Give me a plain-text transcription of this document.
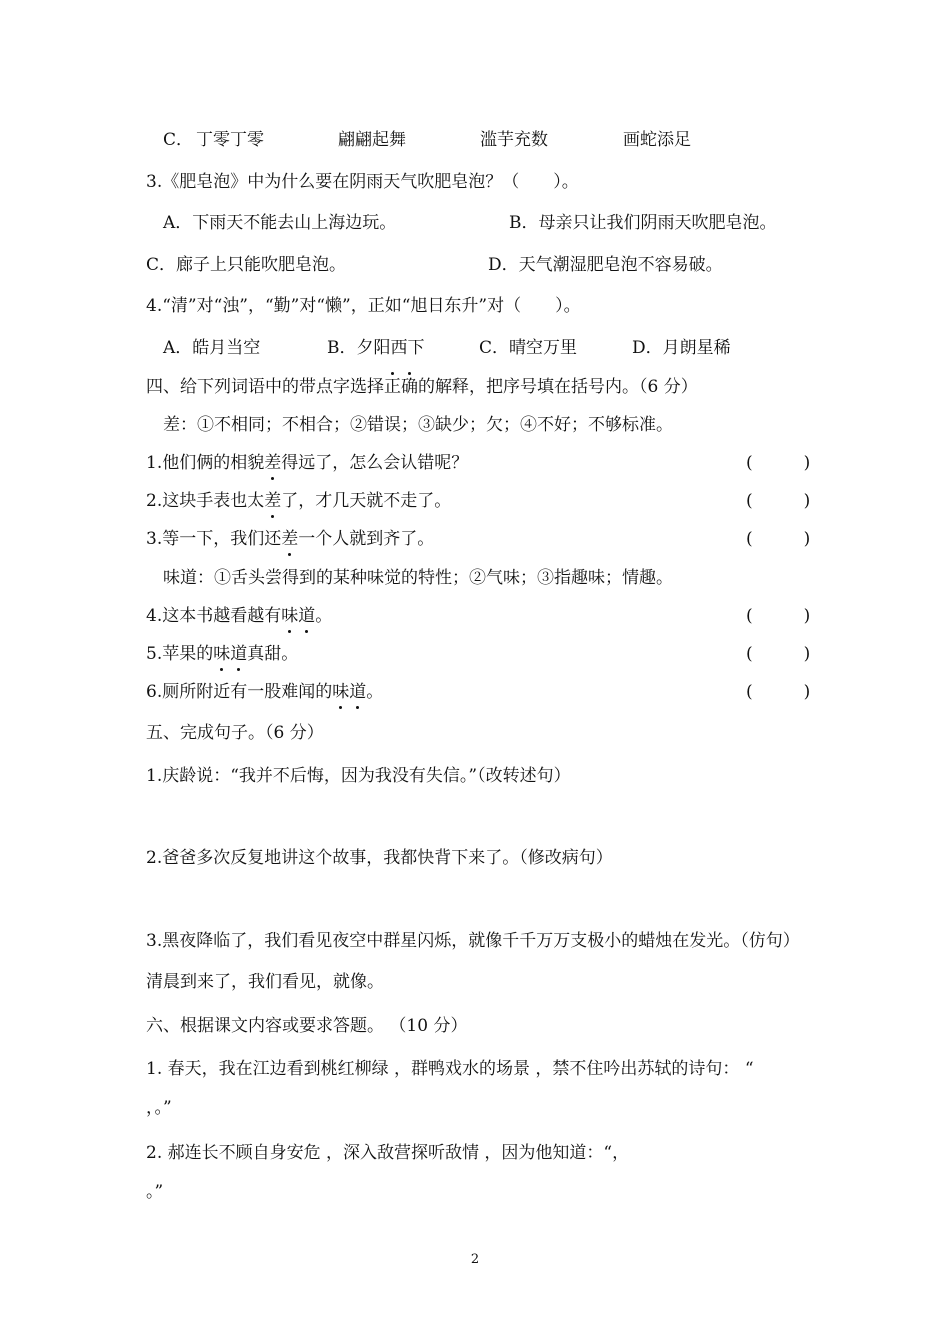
C． 丁零丁零	翩翩起舞	滥芋充数	画蛇添足
3.《肥皂泡》中为什么要在阴雨天气吹肥皂泡？（　　）。
A．下雨天不能去山上海边玩。	B．母亲只让我们阴雨天吹肥皂泡。
C．廊子上只能吹肥皂泡。	D．天气潮湿肥皂泡不容易破。
4.“清”对“浊”，“勤”对“懒”，正如“旭日东升”对（　　）。
A．皓月当空	B．夕阳西下	C．晴空万里	D．月朗星稀
四、给下列词语中的带点字选择正确的解释，把序号填在括号内。（6 分）
差：①不相同；不相合；②错误；③缺少；欠；④不好；不够标准。
1.他们俩的相貌差得远了，怎么会认错呢？	(　　　)
2.这块手表也太差了，才几天就不走了。	(　　　)
3.等一下，我们还差一个人就到齐了。	(　　　)
味道：①舌头尝得到的某种味觉的特性；②气味；③指趣味；情趣。
4.这本书越看越有味道。	(　　　)
5.苹果的味道真甜。	(　　　)
6.厕所附近有一股难闻的味道。	(　　　)
五、完成句子。（6 分）
1.庆龄说：“我并不后悔，因为我没有失信。”（改转述句）
2.爸爸多次反复地讲这个故事，我都快背下来了。（修改病句）
3.黑夜降临了，我们看见夜空中群星闪烁，就像千千万万支极小的蜡烛在发光。（仿句）
清晨到来了，我们看见，就像。
六、根据课文内容或要求答题。 （10 分）
1. 春天，我在江边看到桃红柳绿 ，群鸭戏水的场景 ，禁不住吟出苏轼的诗句： “
，。”
2. 郝连长不顾自身安危 ，深入敌营探听敌情 ，因为他知道：“，
。”
2
